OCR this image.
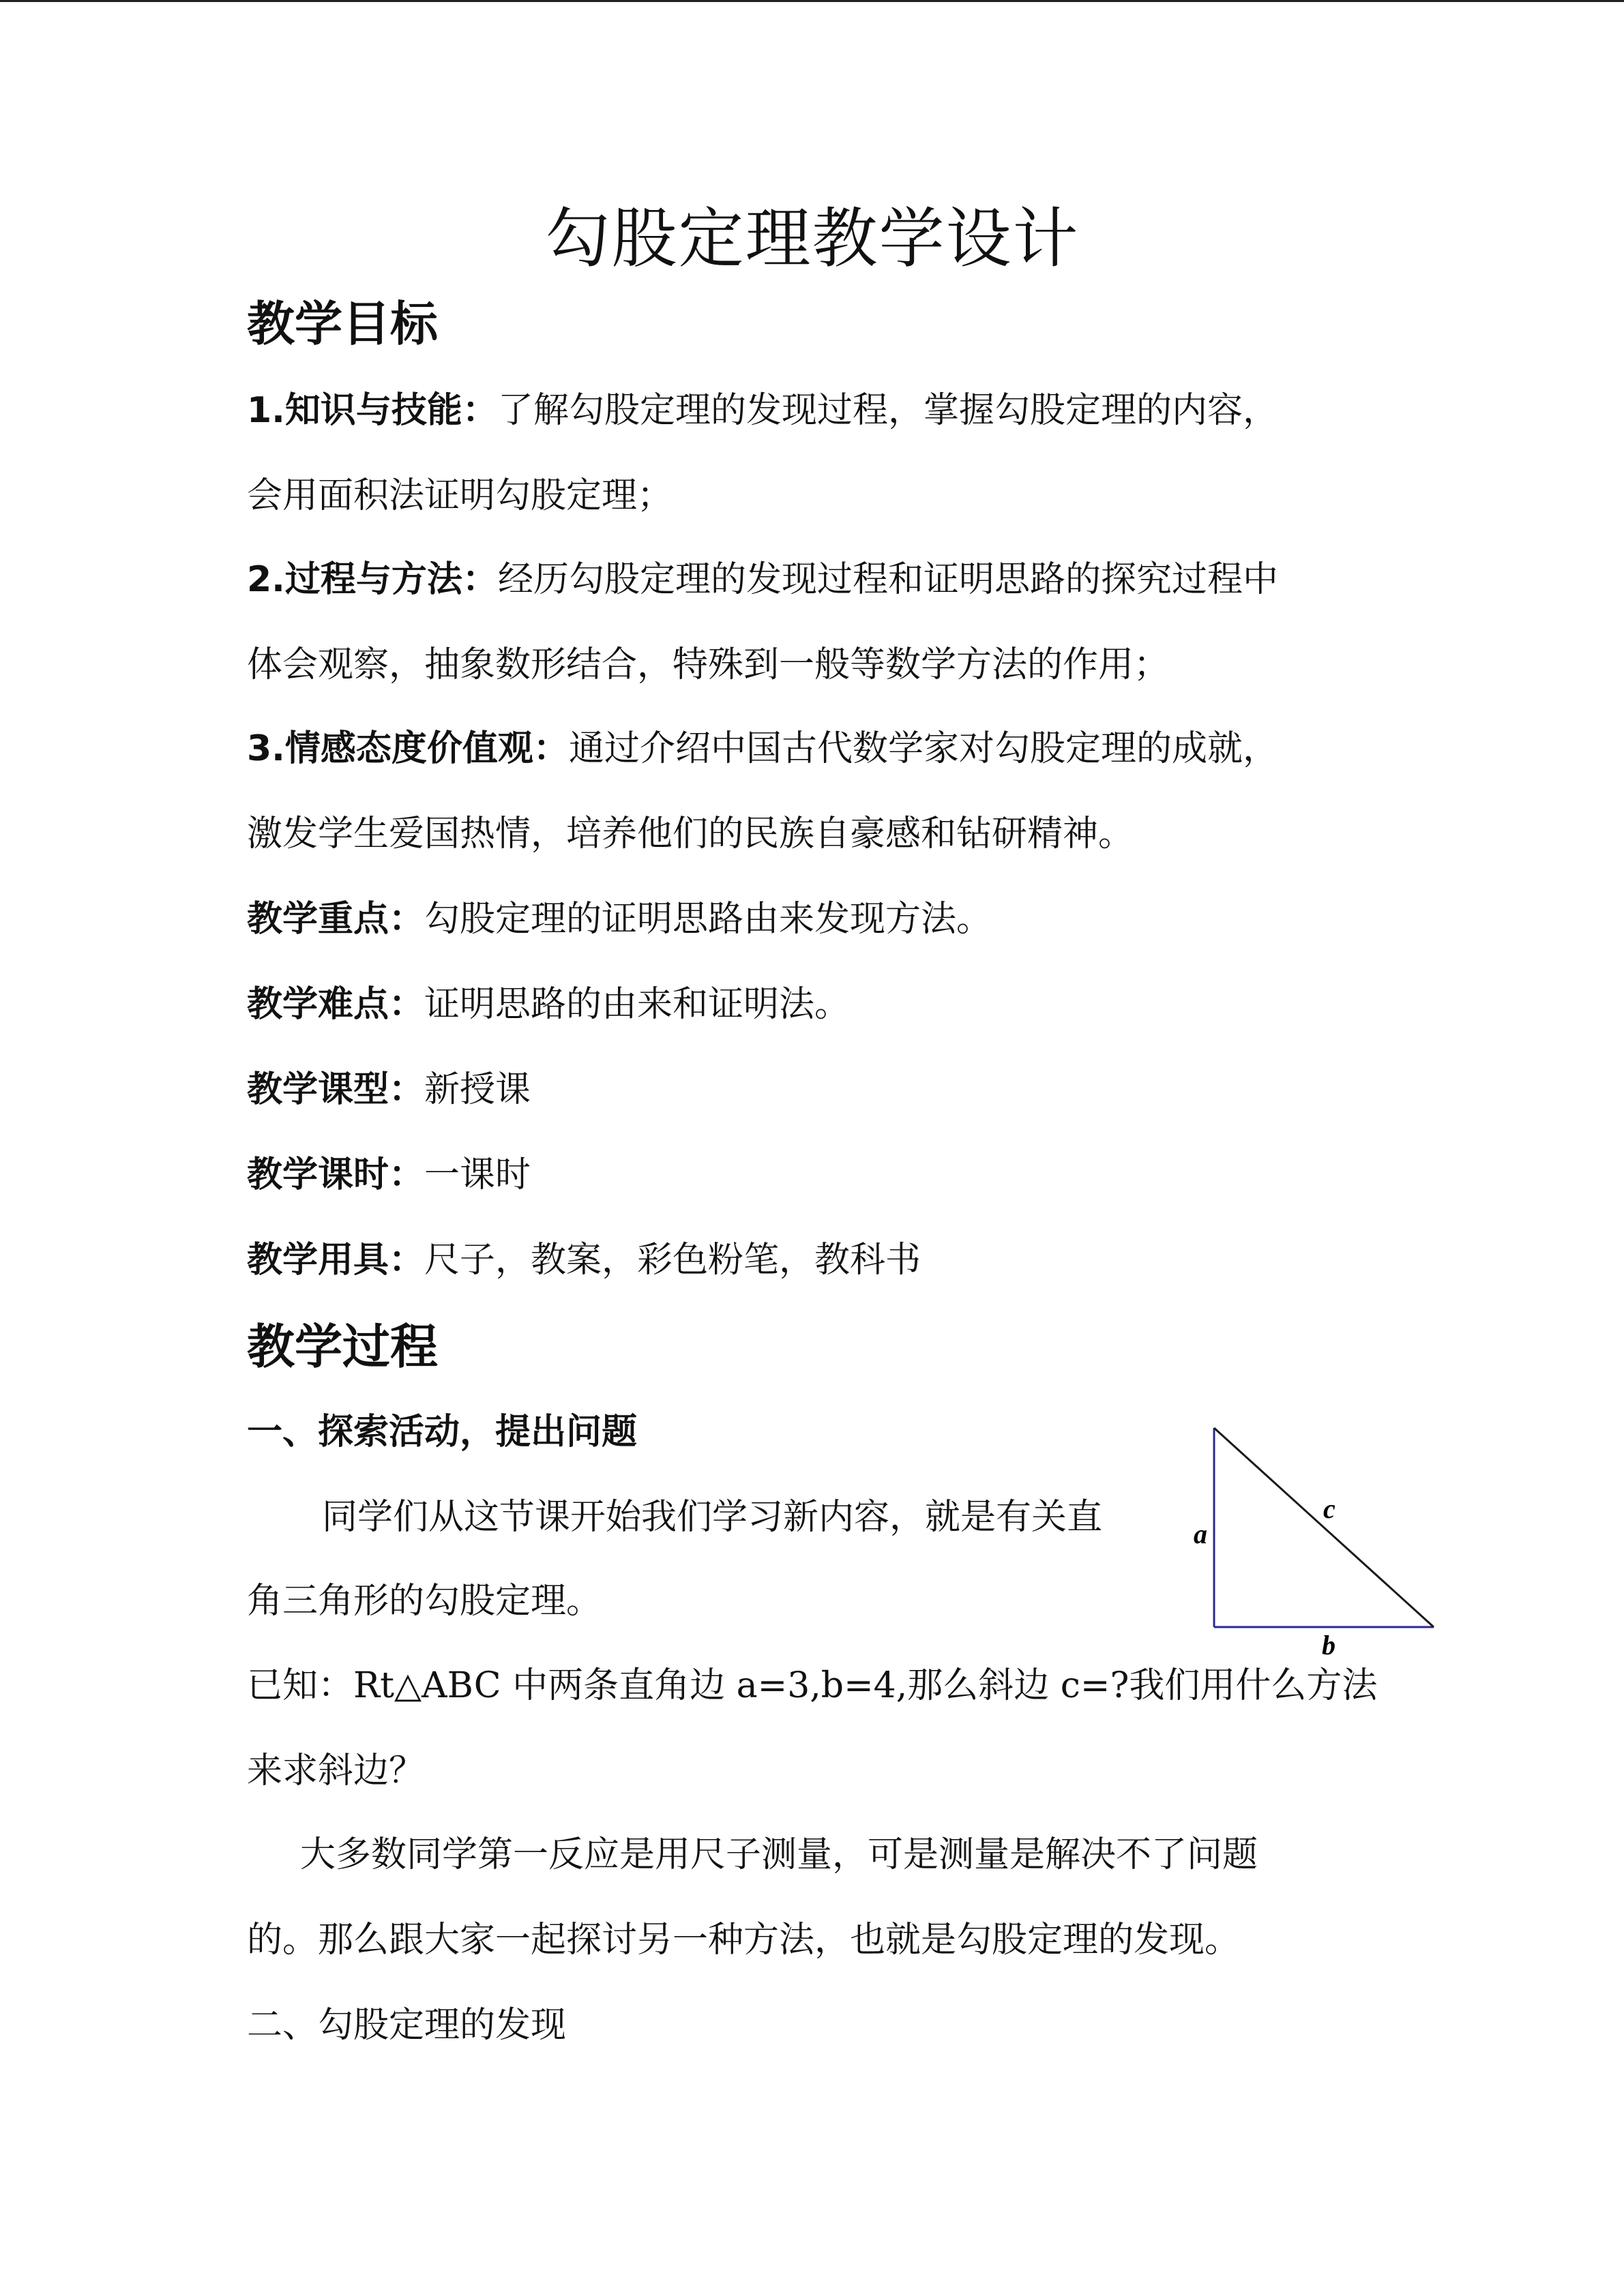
勾股定理教学设计
教学目标
1.知识与技能：了解勾股定理的发现过程，掌握勾股定理的内容，
会用面积法证明勾股定理；
2.过程与方法：经历勾股定理的发现过程和证明思路的探究过程中
体会观察，抽象数形结合，特殊到一般等数学方法的作用；
3.情感态度价值观：通过介绍中国古代数学家对勾股定理的成就，
激发学生爱国热情，培养他们的民族自豪感和钻研精神。
教学重点：勾股定理的证明思路由来发现方法。
教学难点：证明思路的由来和证明法。
教学课型：新授课
教学课时：一课时
教学用具：尺子，教案，彩色粉笔，教科书
教学过程
一、探索活动，提出问题
同学们从这节课开始我们学习新内容，就是有关直
角三角形的勾股定理。
已知：Rt△ABC 中两条直角边 a=3,b=4,那么斜边 c=?我们用什么方法
来求斜边？
大多数同学第一反应是用尺子测量，可是测量是解决不了问题
的。那么跟大家一起探讨另一种方法，也就是勾股定理的发现。
二、勾股定理的发现
a
b
c
